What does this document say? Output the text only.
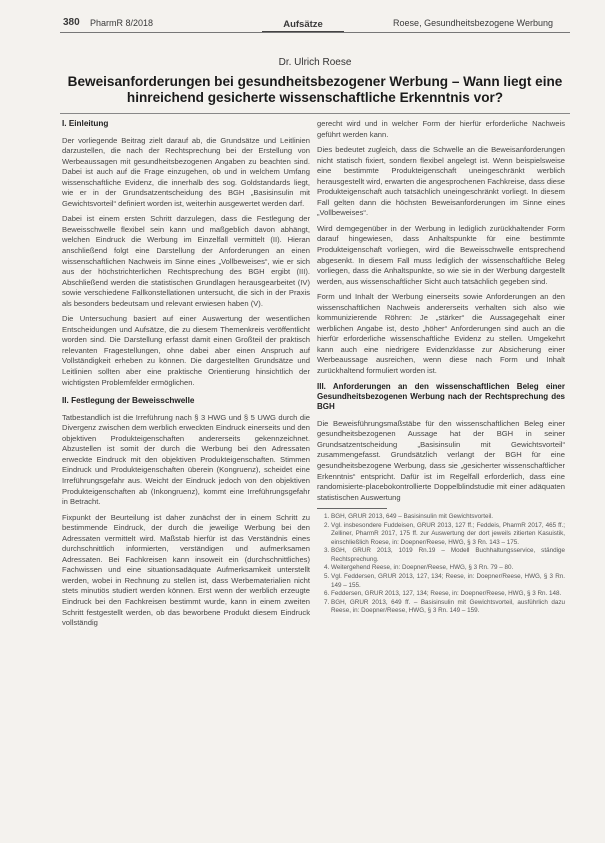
380 PharmR 8/2018	Aufsätze	Roese, Gesundheitsbezogene Werbung
Dr. Ulrich Roese
Beweisanforderungen bei gesundheitsbezogener Werbung – Wann liegt eine hinreichend gesicherte wissenschaftliche Erkenntnis vor?
I. Einleitung

Der vorliegende Beitrag zielt darauf ab, die Grundsätze und Leitlinien darzustellen, die nach der Rechtsprechung bei der Erstellung von Werbeaussagen mit gesundheitsbezogenen Angaben zu beachten sind. Dabei ist auch auf die Frage einzugehen, ob und in welchem Umfang wissenschaftliche Evidenz, die innerhalb des sog. Goldstandards liegt, wie er in der Grundsatzentscheidung des BGH „Basisinsulin mit Gewichtsvorteil“ definiert worden ist, weiterhin ausgewertet werden darf.

Dabei ist einem ersten Schritt darzulegen, dass die Festlegung der Beweisschwelle flexibel sein kann und maßgeblich davon abhängt, welchen Eindruck die Werbung im Einzelfall vermittelt (II). Hieran anschließend folgt eine Darstellung der Anforderungen an einen wissenschaftlichen Nachweis im Sinne eines „Vollbeweises“, wie er sich aus der höchstrichterlichen Rechtsprechung des BGH ergibt (III). Abschließend werden die statistischen Grundlagen herausgearbeitet (IV) sowie verschiedene Fallkonstellationen untersucht, die sich in der Praxis als besonders bedeutsam und relevant erwiesen haben (V).

Die Untersuchung basiert auf einer Auswertung der wesentlichen Entscheidungen und Aufsätze, die zu diesem Themenkreis veröffentlicht worden sind. Die Darstellung erfasst damit einen Großteil der praktisch relevanten Fragestellungen, ohne dabei aber einen Anspruch auf Vollständigkeit erheben zu können. Die dargestellten Grundsätze und Leitlinien sollten aber eine praktische Orientierung hinsichtlich der wichtigsten Problemfelder ermöglichen.

II. Festlegung der Beweisschwelle

Tatbestandlich ist die Irreführung nach § 3 HWG und § 5 UWG durch die Divergenz zwischen dem werblich erweckten Eindruck einerseits und den objektiven Produkteigenschaften andererseits gekennzeichnet. Abzustellen ist somit der durch die Werbung bei den Adressaten erweckte Eindruck mit den objektiven Produkteigenschaften. Stimmen Eindruck und Produkteigenschaften überein (Kongruenz), scheidet eine Irreführungsgefahr aus. Weicht der Eindruck jedoch von den objektiven Produkteigenschaften ab (Inkongruenz), kommt eine Irreführungsgefahr in Betracht.

Fixpunkt der Beurteilung ist daher zunächst der in einem Schritt zu bestimmende Eindruck, der durch die jeweilige Werbung bei den Adressaten vermittelt wird. Maßstab hierfür ist das Verständnis eines durchschnittlich informierten, verständigen und aufmerksamen Adressaten. Bei Fachkreisen kann insoweit ein (durchschnittliches) Fachwissen und eine situationsadäquate Aufmerksamkeit unterstellt werden, wobei in Rechnung zu stellen ist, dass Werbematerialien nicht stets minutiös studiert werden können. Erst wenn der werblich erzeugte Eindruck bei den Fachkreisen bestimmt wurde, kann in einem zweiten Schritt festgestellt werden, ob das beworbene Produkt diesem Eindruck vollständig

gerecht wird und in welcher Form der hierfür erforderliche Nachweis geführt werden kann.

Dies bedeutet zugleich, dass die Schwelle an die Beweisanforderungen nicht statisch fixiert, sondern flexibel angelegt ist. Wenn beispielsweise eine bestimmte Produkteigenschaft uneingeschränkt werblich herausgestellt wird, erwarten die angesprochenen Fachkreise, dass diese Produkteigenschaft auch tatsächlich uneingeschränkt vorliegt. In diesem Fall gelten dann die höchsten Beweisanforderungen im Sinne eines „Vollbeweises“.

Wird demgegenüber in der Werbung in lediglich zurückhaltender Form darauf hingewiesen, dass Anhaltspunkte für eine bestimmte Produkteigenschaft vorliegen, wird die Beweisschwelle entsprechend abgesenkt. In diesem Fall muss lediglich der wissenschaftliche Beleg vorliegen, dass die Anhaltspunkte, so wie sie in der Werbung dargestellt werden, aus wissenschaftlicher Sicht auch tatsächlich gegeben sind.

Form und Inhalt der Werbung einerseits sowie Anforderungen an den wissenschaftlichen Nachweis andererseits verhalten sich also wie kommunizierende Röhren: Je „stärker“ die Aussagegehalt einer werblichen Angabe ist, desto „höher“ Anforderungen sind auch an die hierfür erforderliche wissenschaftliche Evidenz zu stellen. Umgekehrt kann auch eine niedrigere Evidenzklasse zur Absicherung einer Werbeaussage ausreichen, wenn diese nach Form und Inhalt zurückhaltend formuliert worden ist.

III. Anforderungen an den wissenschaftlichen Beleg einer Gesundheitsbezogenen Werbung nach der Rechtsprechung des BGH

Die Beweisführungsmaßstäbe für den wissenschaftlichen Beleg einer gesundheitsbezogenen Aussage hat der BGH in seiner Grundsatzentscheidung „Basisinsulin mit Gewichtsvorteil“ zusammengefasst. Grundsätzlich verlangt der BGH für eine gesundheitsbezogene Werbung, dass sie „gesicherter wissenschaftlicher Erkenntnis“ entspricht. Dafür ist im Regelfall erforderlich, dass eine randomisierte-placebokontrollierte Doppelblindstudie mit einer adäquaten statistischen Auswertung

1. BGH, GRUR 2013, 649 – Basisinsulin mit Gewichtsvorteil.
2. Vgl. insbesondere Fuddeisen, GRUR 2013, 127 ff.; Feddeis, PharmR 2017, 465 ff.; Zelliner, PharmR 2017, 175 ff. zur Auswertung der dort jeweils zitierten Kasuistik, einschließlich Roese, in: Doepner/Reese, HWG, § 3 Rn. 143 – 175.
3. BGH, GRUR 2013, 1019 Rn.19 – Modell Buchhaltungsservice, ständige Rechtsprechung.
4. Weitergehend Reese, in: Doepner/Reese, HWG, § 3 Rn. 79 – 80.
5. Vgl. Feddersen, GRUR 2013, 127, 134; Reese, in: Doepner/Reese, HWG, § 3 Rn. 149 – 155.
6. Feddersen, GRUR 2013, 127, 134; Reese, in: Doepner/Reese, HWG, § 3 Rn. 148.
7. BGH, GRUR 2013, 649 ff. – Basisinsulin mit Gewichtsvorteil, ausführlich dazu Reese, in: Doepner/Reese, HWG, § 3 Rn. 149 – 159.
